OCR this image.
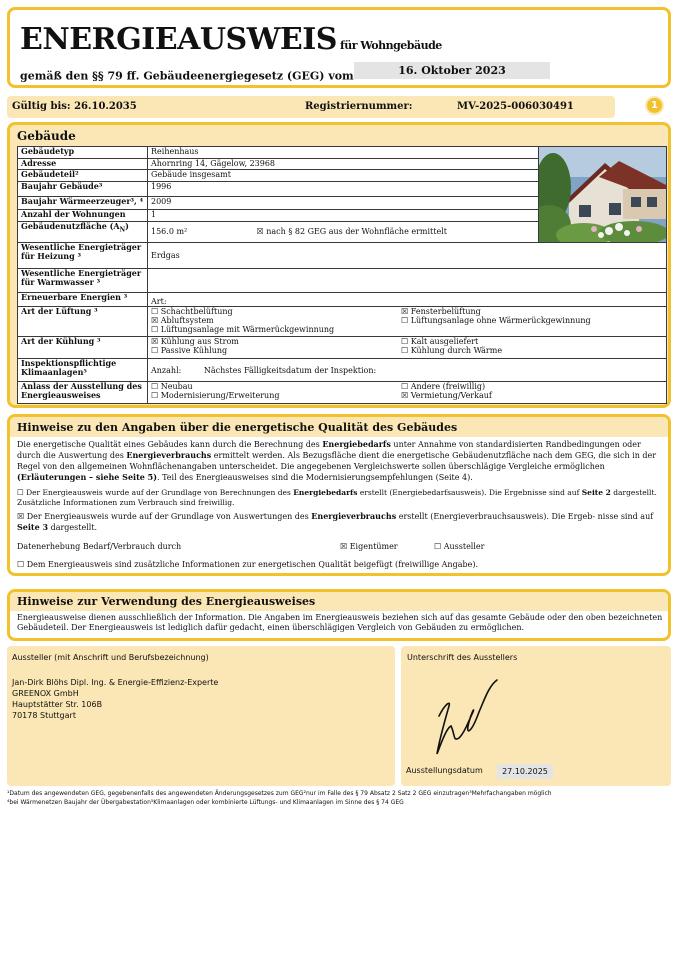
ENERGIEAUSWEIS für Wohngebäude
gemäß den §§ 79 ff. Gebäudeenergiegesetz (GEG) vom	16. Oktober 2023
Gültig bis: 26.10.2035	Registriernummer:	MV-2025-006030491	1
Gebäude
Gebäudetyp	Reihenhaus	

Adresse	Ahornring 14, Gägelow, 23968		
Gebäudeteil²	Gebäude insgesamt		
Baujahr Gebäude³	1996		
Baujahr Wärmeerzeuger³, ⁴	2009		
Anzahl der Wohnungen	1		
Gebäudenutzfläche $(A_N)$	156.0 m²	☒ nach § 82 GEG aus der Wohnfläche ermittelt	
Wesentliche Energieträger für Heizung ³	Erdgas		
Wesentliche Energieträger für Warmwasser ³			
Erneuerbare Energien ³	Art:		
Art der Lüftung ³	☐ Schachtbelüftung ☒ Fensterbelüftung
☒ Abluftsystem ☐ Lüftungsanlage ohne Wärmerückgewinnung
☐ Lüftungsanlage mit Wärmerückgewinnung		

Art der Kühlung ³	☒ Kühlung aus Strom ☐ Kalt ausgeliefert
☐ Passive Kühlung ☐ Kühlung durch Wärme		

Inspektionspflichtige Klimaanlagen⁵	Anzahl: Nächstes Fälligkeitsdatum der Inspektion:		
Anlass der Ausstellung des Energieausweises	☐ Neubau ☐ Andere (freiwillig)
☐ Modernisierung/Erweiterung ☒ Vermietung/Verkauf		
Hinweise zu den Angaben über die energetische Qualität des Gebäudes
Die energetische Qualität eines Gebäudes kann durch die Berechnung des Energiebedarfs unter Annahme von standardisierten Randbedingungen oder durch die Auswertung des Energieverbrauchs ermittelt werden. Als Bezugsfläche dient die energetische Gebäudenutzfläche nach dem GEG, die sich in der Regel von den allgemeinen Wohnflächenangaben unterscheidet. Die angegebenen Vergleichswerte sollen überschlägige Vergleiche ermöglichen (Erläuterungen – siehe Seite 5). Teil des Energieausweises sind die Modernisierungsempfehlungen (Seite 4).
☐ Der Energieausweis wurde auf der Grundlage von Berechnungen des Energiebedarfs erstellt (Energiebedarfsausweis). Die Ergebnisse sind auf Seite 2 dargestellt. Zusätzliche Informationen zum Verbrauch sind freiwillig.
☒ Der Energieausweis wurde auf der Grundlage von Auswertungen des Energieverbrauchs erstellt (Energieverbrauchsausweis). Die Ergeb- nisse sind auf Seite 3 dargestellt.
Datenerhebung Bedarf/Verbrauch durch	☒ Eigentümer	☐ Aussteller
☐ Dem Energieausweis sind zusätzliche Informationen zur energetischen Qualität beigefügt (freiwillige Angabe).
Hinweise zur Verwendung des Energieausweises
Energieausweise dienen ausschließlich der Information. Die Angaben im Energieausweis beziehen sich auf das gesamte Gebäude oder den oben bezeichneten Gebäudeteil. Der Energieausweis ist lediglich dafür gedacht, einen überschlägigen Vergleich von Gebäuden zu ermöglichen.
Aussteller (mit Anschrift und Berufsbezeichnung)
Jan-Dirk Blöhs Dipl. Ing. & Energie-Effizienz-Experte
GREENOX GmbH
Hauptstätter Str. 106B
70178 Stuttgart
Unterschrift des Ausstellers
Ausstellungsdatum	27.10.2025
¹Datum des angewendeten GEG, gegebenenfalls des angewendeten Änderungsgesetzes zum GEG²nur im Falle des § 79 Absatz 2 Satz 2 GEG einzutragen³Mehrfachangaben möglich
⁴bei Wärmenetzen Baujahr der Übergabestation⁵Klimaanlagen oder kombinierte Lüftungs- und Klimaanlagen im Sinne des § 74 GEG
